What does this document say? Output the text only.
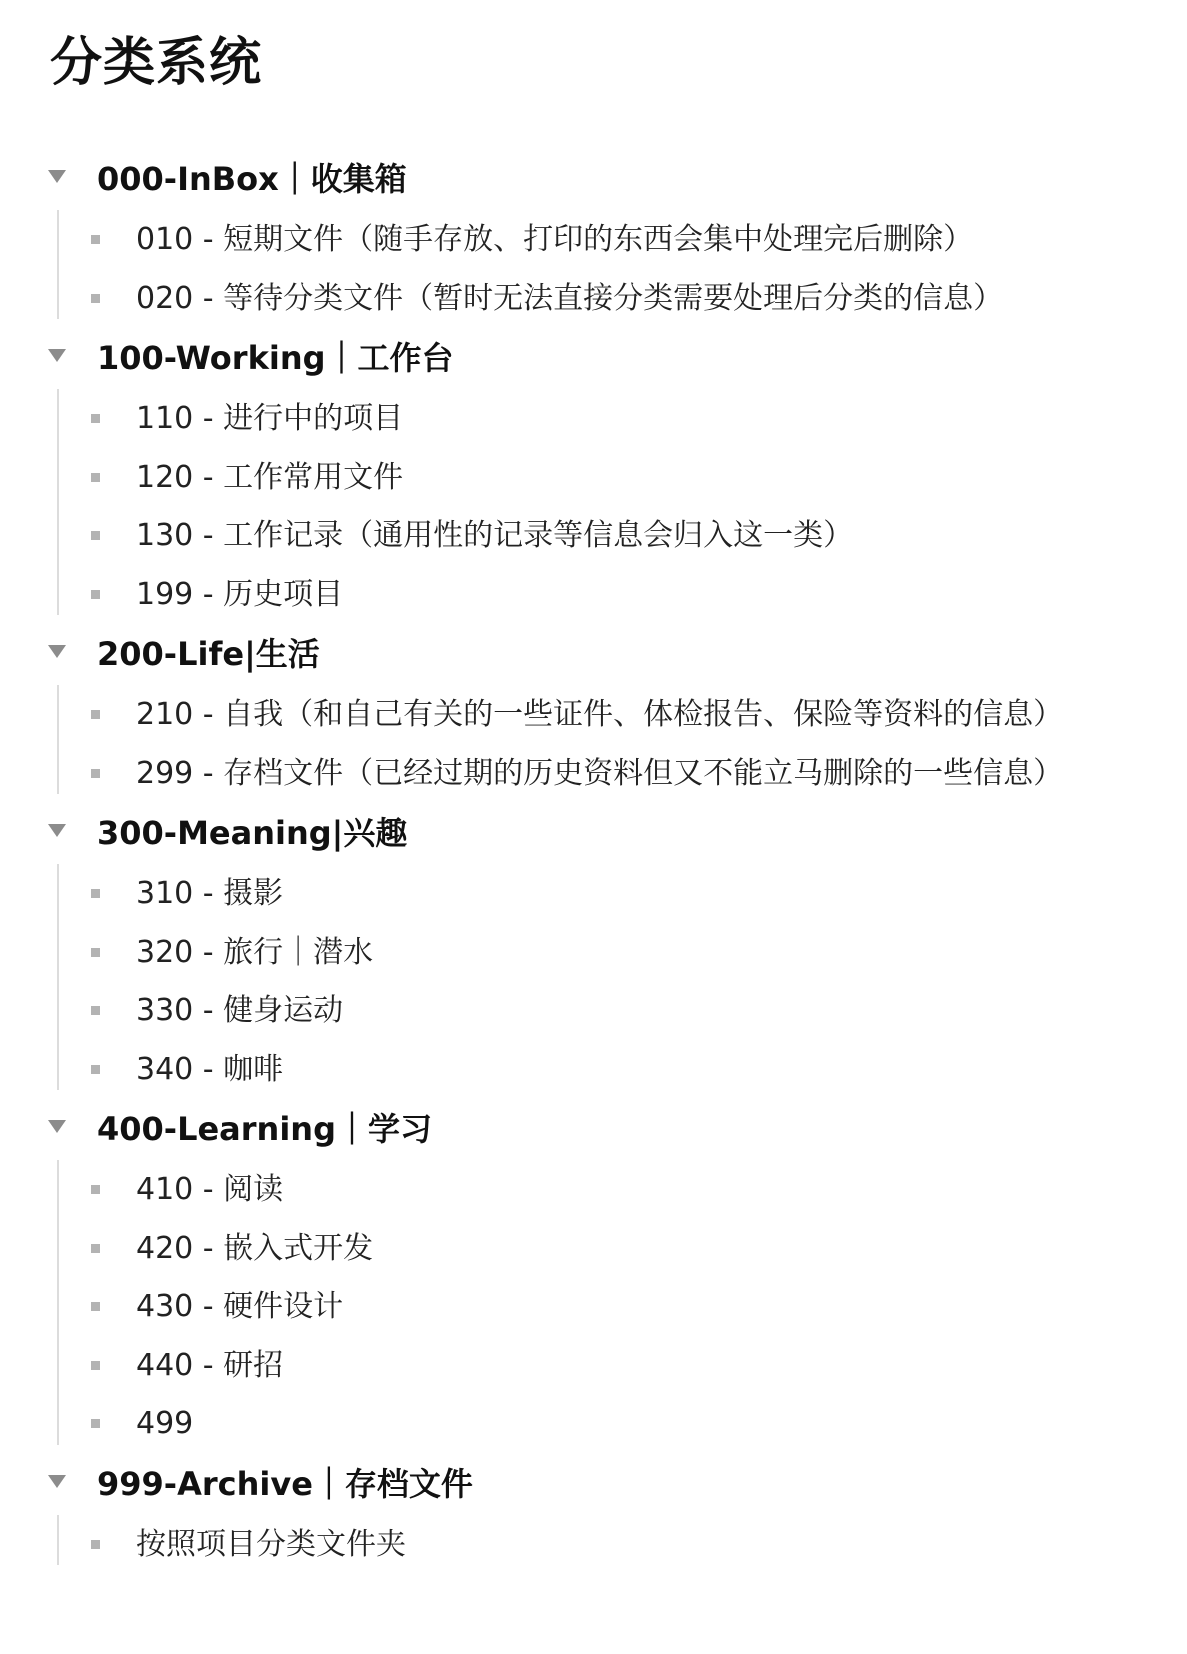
分类系统
000-InBox｜收集箱
010 - 短期文件（随手存放、打印的东西会集中处理完后删除）
020 - 等待分类文件（暂时无法直接分类需要处理后分类的信息）
100-Working｜工作台
110 - 进行中的项目
120 - 工作常用文件
130 - 工作记录（通用性的记录等信息会归入这一类）
199 - 历史项目
200-Life|生活
210 - 自我（和自己有关的一些证件、体检报告、保险等资料的信息）
299 - 存档文件（已经过期的历史资料但又不能立马删除的一些信息）
300-Meaning|兴趣
310 - 摄影
320 - 旅行｜潜水
330 - 健身运动
340 - 咖啡
400-Learning｜学习
410 - 阅读
420 - 嵌入式开发
430 - 硬件设计
440 - 研招
499
999-Archive｜存档文件
按照项目分类文件夹
